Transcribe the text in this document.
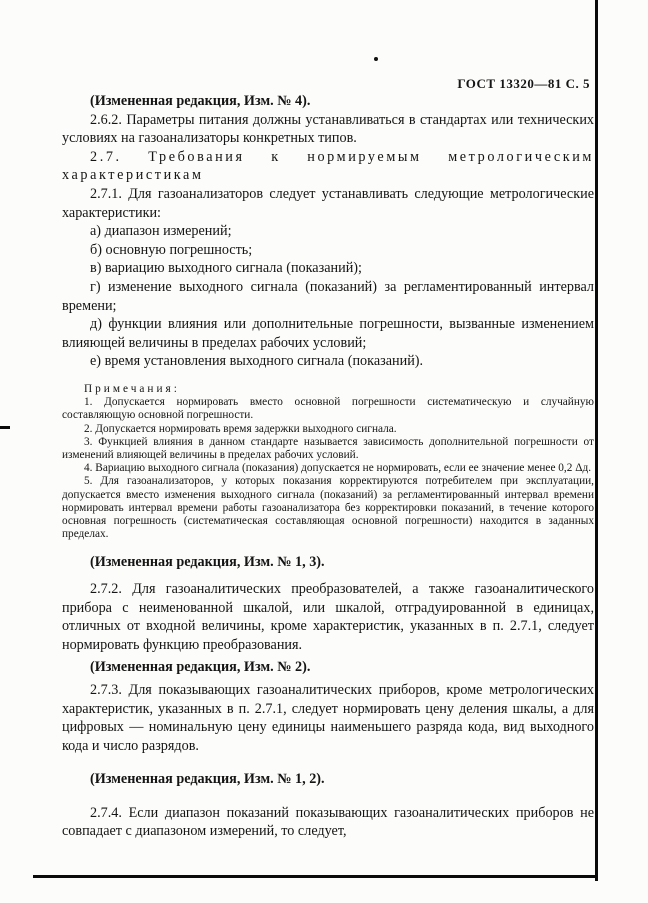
ГОСТ 13320—81 С. 5

(Измененная редакция, Изм. № 4).

2.6.2. Параметры питания должны устанавливаться в стандартах или технических условиях на газоанализаторы конкретных типов.

2.7. Требования к нормируемым метрологическим характеристикам

2.7.1. Для газоанализаторов следует устанавливать следующие метрологические характеристики:

а) диапазон измерений;

б) основную погрешность;

в) вариацию выходного сигнала (показаний);

г) изменение выходного сигнала (показаний) за регламентированный интервал времени;

д) функции влияния или дополнительные погрешности, вызванные изменением влияющей величины в пределах рабочих условий;

е) время установления выходного сигнала (показаний).

Примечания:

1. Допускается нормировать вместо основной погрешности систематическую и случайную составляющую основной погрешности.

2. Допускается нормировать время задержки выходного сигнала.

3. Функцией влияния в данном стандарте называется зависимость дополнительной погрешности от изменений влияющей величины в пределах рабочих условий.

4. Вариацию выходного сигнала (показания) допускается не нормировать, если ее значение менее 0,2 Δд.

5. Для газоанализаторов, у которых показания корректируются потребителем при эксплуатации, допускается вместо изменения выходного сигнала (показаний) за регламентированный интервал времени нормировать интервал времени работы газоанализатора без корректировки показаний, в течение которого основная погрешность (систематическая составляющая основной погрешности) находится в заданных пределах.

(Измененная редакция, Изм. № 1, 3).

2.7.2. Для газоаналитических преобразователей, а также газоаналитического прибора с неименованной шкалой, или шкалой, отградуированной в единицах, отличных от входной величины, кроме характеристик, указанных в п. 2.7.1, следует нормировать функцию преобразования.

(Измененная редакция, Изм. № 2).

2.7.3. Для показывающих газоаналитических приборов, кроме метрологических характеристик, указанных в п. 2.7.1, следует нормировать цену деления шкалы, а для цифровых — номинальную цену единицы наименьшего разряда кода, вид выходного кода и число разрядов.

(Измененная редакция, Изм. № 1, 2).

2.7.4. Если диапазон показаний показывающих газоаналитических приборов не совпадает с диапазоном измерений, то следует,
